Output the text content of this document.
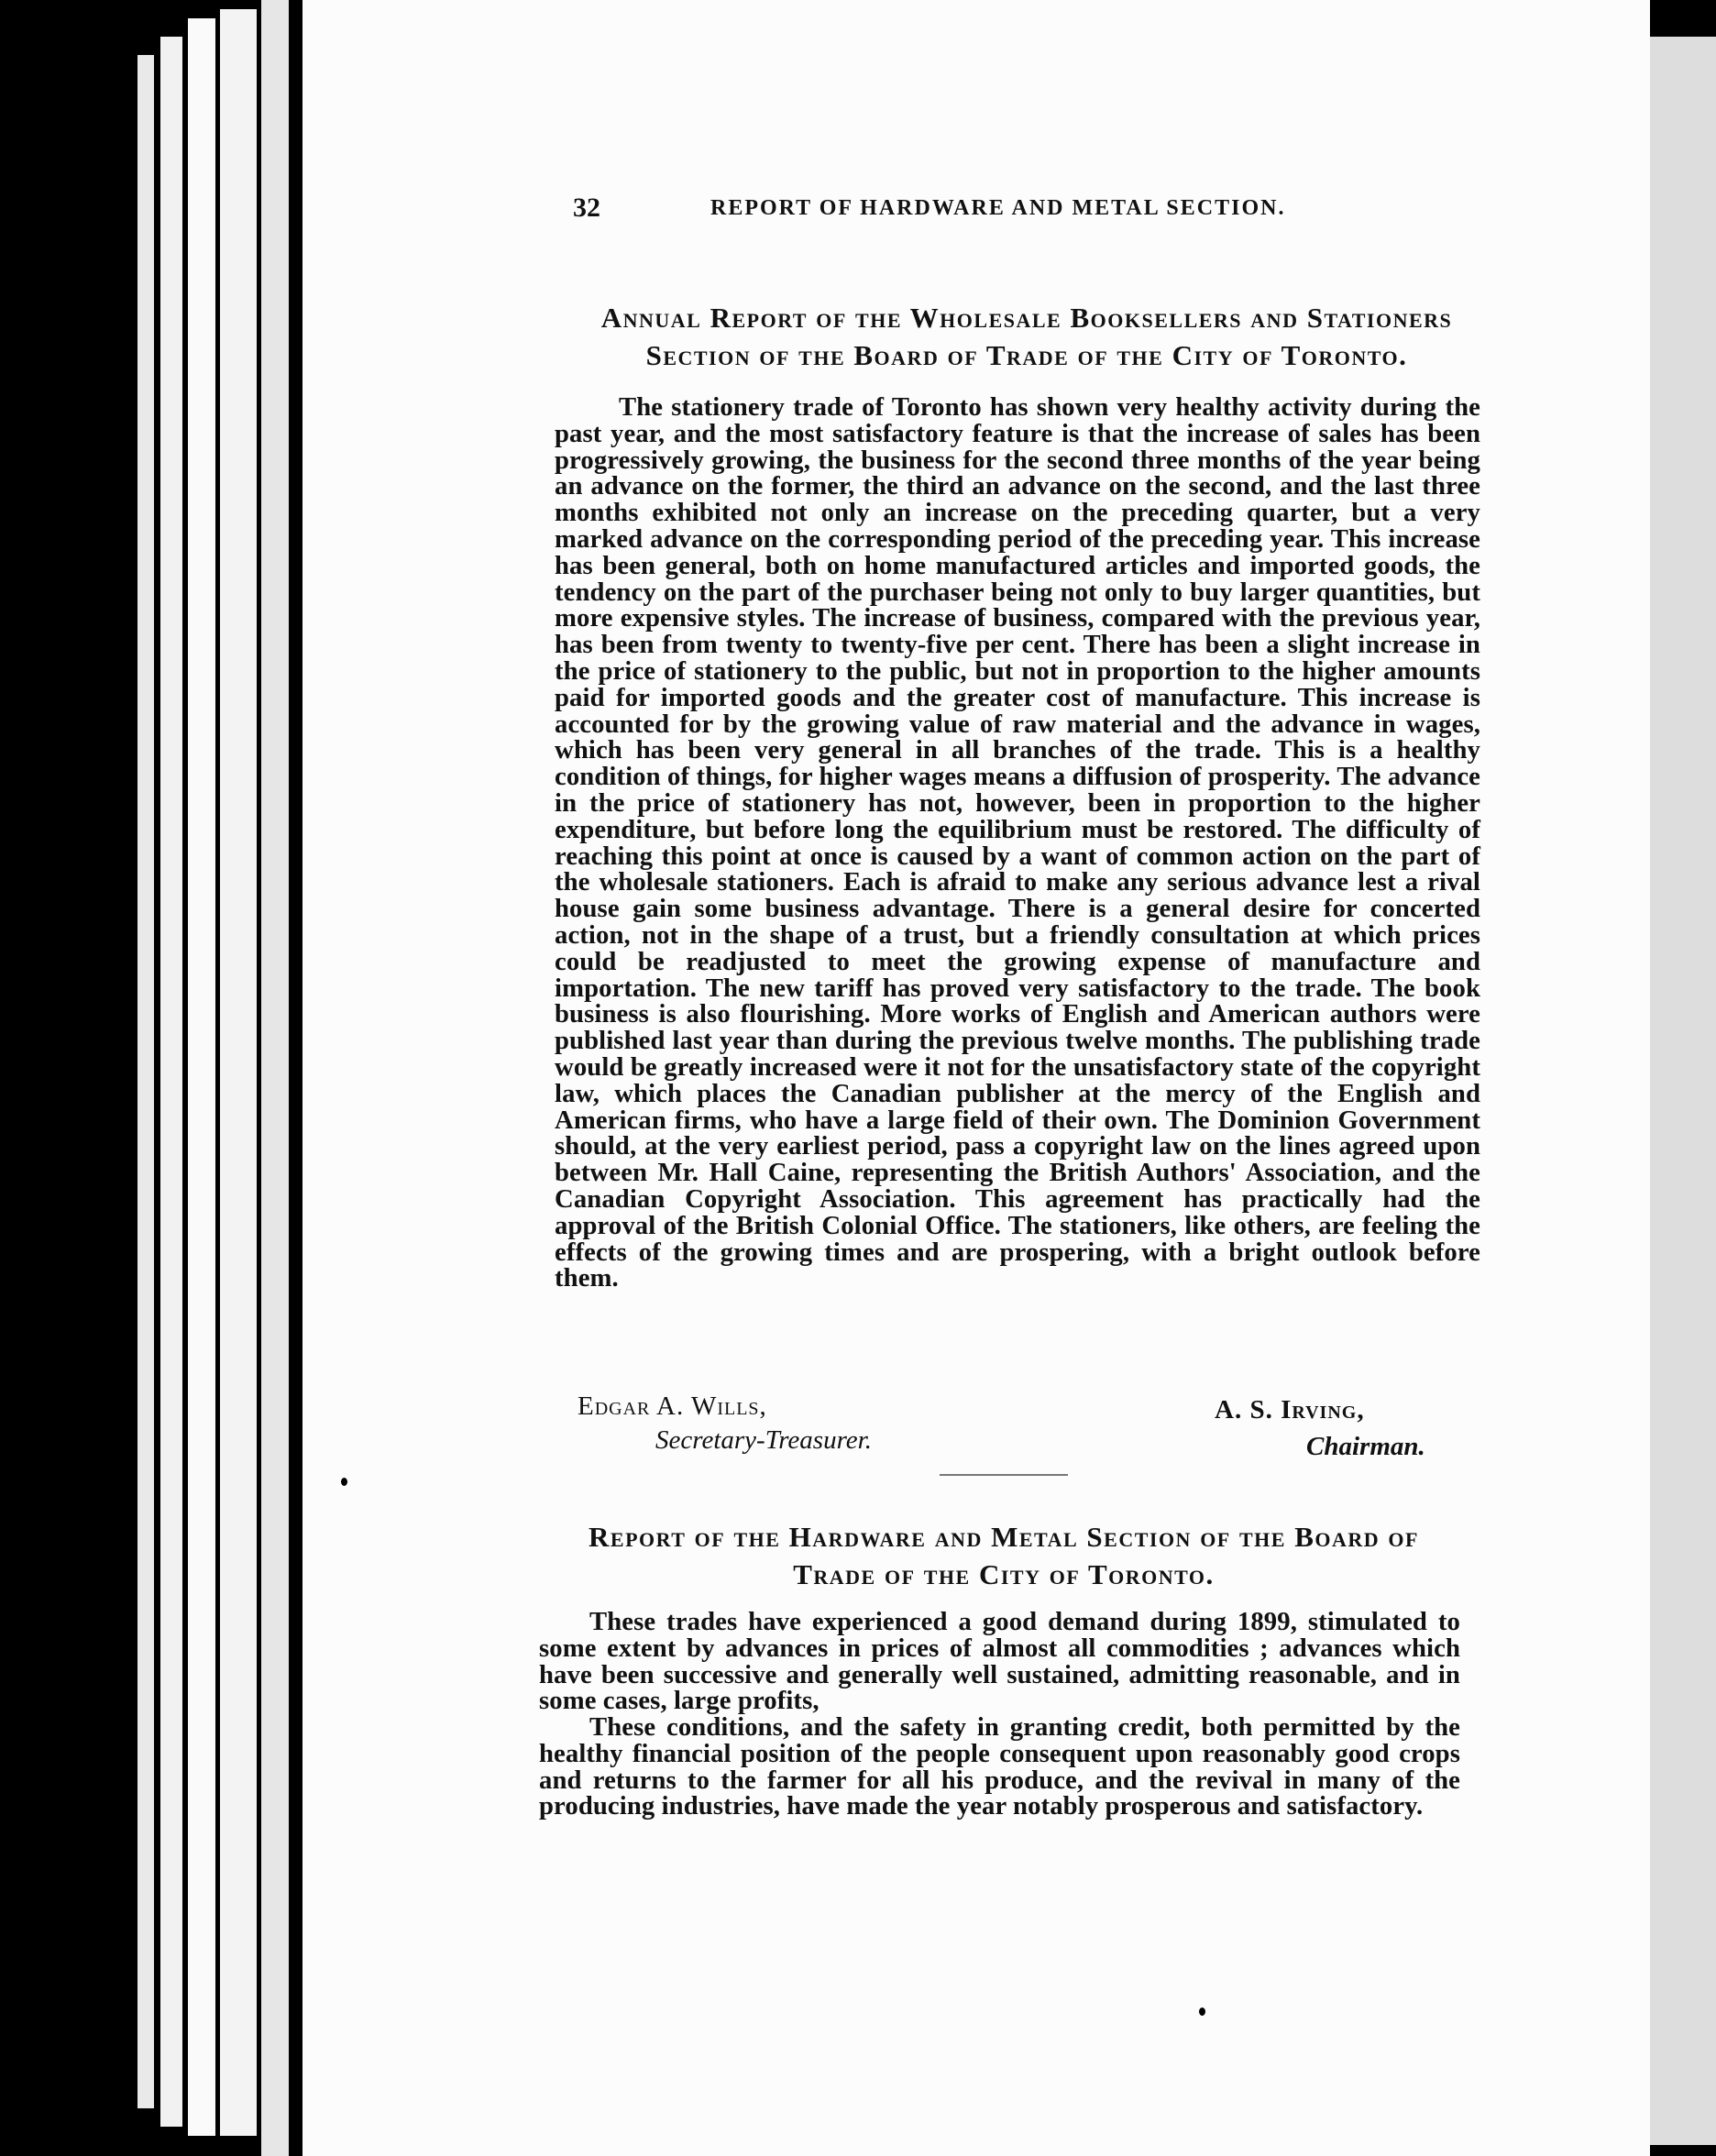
32	REPORT OF HARDWARE AND METAL SECTION.
Annual Report of the Wholesale Booksellers and Stationers
Section of the Board of Trade of the City of Toronto.
The stationery trade of Toronto has shown very healthy activity during the past year, and the most satisfactory feature is that the increase of sales has been progressively growing, the business for the second three months of the year being an advance on the former, the third an advance on the second, and the last three months exhibited not only an increase on the preceding quarter, but a very marked advance on the corresponding period of the preceding year. This increase has been general, both on home manufactured articles and imported goods, the tendency on the part of the purchaser being not only to buy larger quantities, but more expensive styles. The increase of business, compared with the previous year, has been from twenty to twenty-five per cent. There has been a slight increase in the price of stationery to the public, but not in proportion to the higher amounts paid for imported goods and the greater cost of manufacture. This increase is accounted for by the growing value of raw material and the advance in wages, which has been very general in all branches of the trade. This is a healthy condition of things, for higher wages means a diffusion of prosperity. The advance in the price of stationery has not, however, been in proportion to the higher expenditure, but before long the equilibrium must be restored. The difficulty of reaching this point at once is caused by a want of common action on the part of the wholesale stationers. Each is afraid to make any serious advance lest a rival house gain some business advantage. There is a general desire for concerted action, not in the shape of a trust, but a friendly consultation at which prices could be readjusted to meet the growing expense of manufacture and importation. The new tariff has proved very satisfactory to the trade. The book business is also flourishing. More works of English and American authors were published last year than during the previous twelve months. The publishing trade would be greatly increased were it not for the unsatisfactory state of the copyright law, which places the Canadian publisher at the mercy of the English and American firms, who have a large field of their own. The Dominion Government should, at the very earliest period, pass a copyright law on the lines agreed upon between Mr. Hall Caine, representing the British Authors' Association, and the Canadian Copyright Association. This agreement has practically had the approval of the British Colonial Office. The stationers, like others, are feeling the effects of the growing times and are prospering, with a bright outlook before them.
Edgar A. Wills,
Secretary-Treasurer.
A. S. Irving,
Chairman.
Report of the Hardware and Metal Section of the Board of
Trade of the City of Toronto.
These trades have experienced a good demand during 1899, stimulated to some extent by advances in prices of almost all commodities ; advances which have been successive and generally well sustained, admitting reasonable, and in some cases, large profits,
These conditions, and the safety in granting credit, both permitted by the healthy financial position of the people consequent upon reasonably good crops and returns to the farmer for all his produce, and the revival in many of the producing industries, have made the year notably prosperous and satisfactory.
